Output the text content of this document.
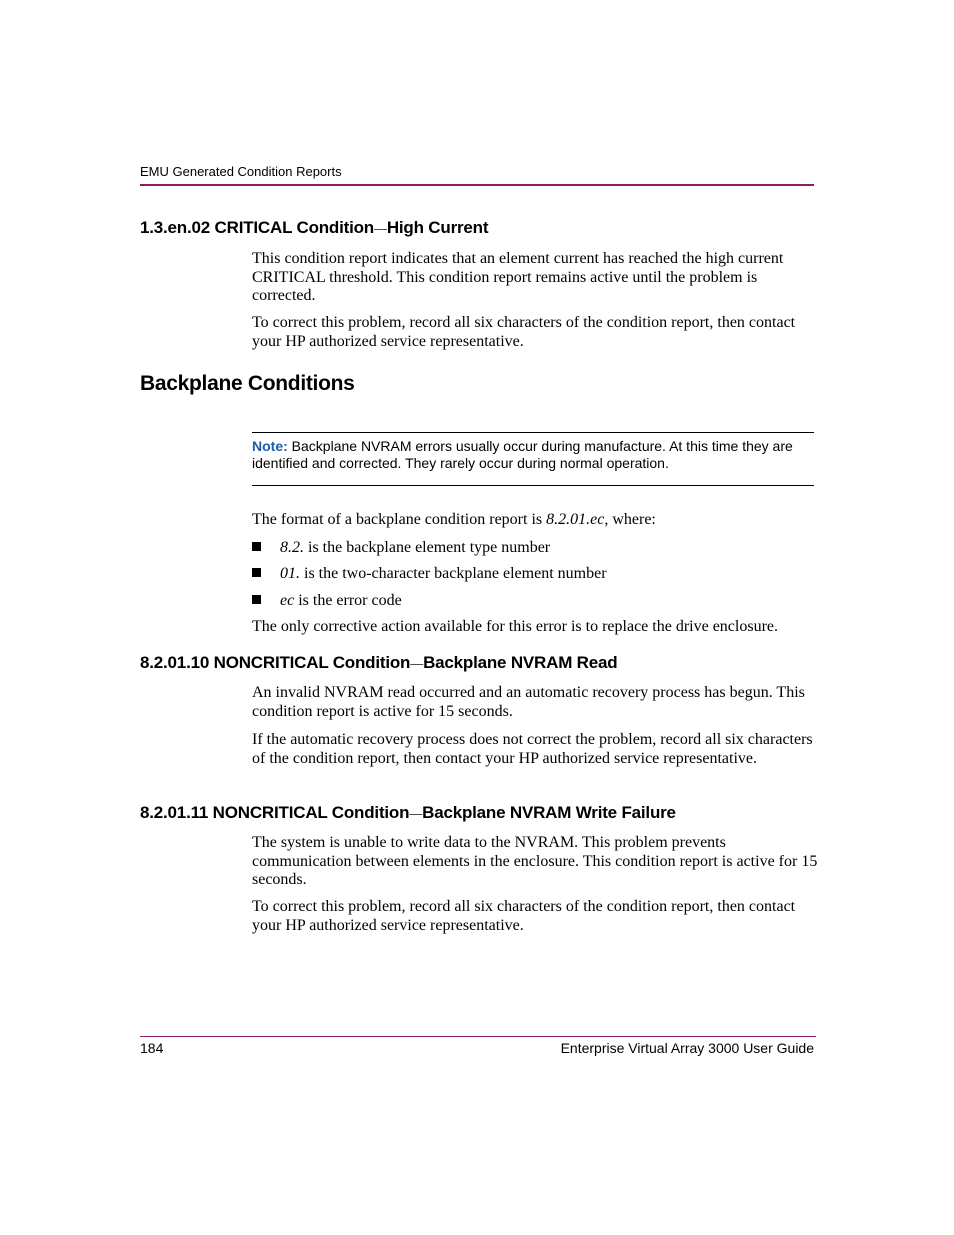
EMU Generated Condition Reports
1.3.en.02 CRITICAL Condition—High Current
This condition report indicates that an element current has reached the high current CRITICAL threshold. This condition report remains active until the problem is corrected.
To correct this problem, record all six characters of the condition report, then contact your HP authorized service representative.
Backplane Conditions
Note: Backplane NVRAM errors usually occur during manufacture. At this time they are identified and corrected. They rarely occur during normal operation.
The format of a backplane condition report is 8.2.01.ec, where:
8.2. is the backplane element type number
01. is the two-character backplane element number
ec is the error code
The only corrective action available for this error is to replace the drive enclosure.
8.2.01.10 NONCRITICAL Condition—Backplane NVRAM Read
An invalid NVRAM read occurred and an automatic recovery process has begun. This condition report is active for 15 seconds.
If the automatic recovery process does not correct the problem, record all six characters of the condition report, then contact your HP authorized service representative.
8.2.01.11 NONCRITICAL Condition—Backplane NVRAM Write Failure
The system is unable to write data to the NVRAM. This problem prevents communication between elements in the enclosure. This condition report is active for 15 seconds.
To correct this problem, record all six characters of the condition report, then contact your HP authorized service representative.
184	Enterprise Virtual Array 3000 User Guide
